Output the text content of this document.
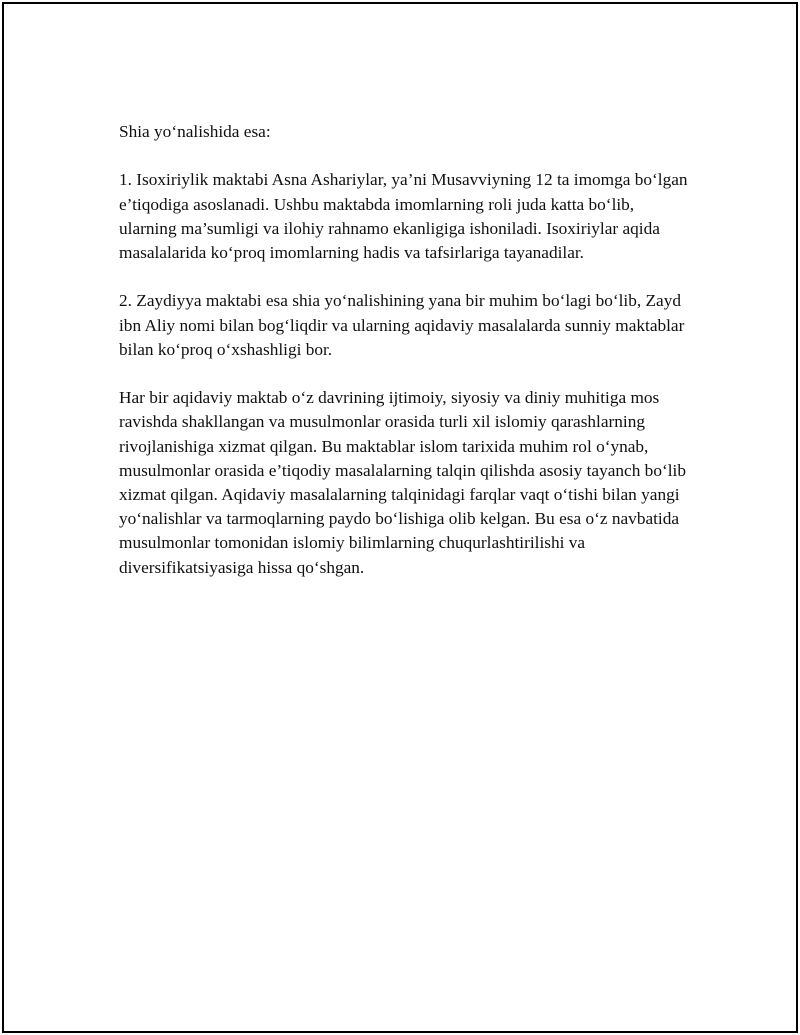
Shia yo‘nalishida esa:

1. Isoxiriylik maktabi Asna Ashariylar, ya’ni Musavviyning 12 ta imomga bo‘lgan e’tiqodiga asoslanadi. Ushbu maktabda imomlarning roli juda katta bo‘lib, ularning ma’sumligi va ilohiy rahnamo ekanligiga ishoniladi. Isoxiriylar aqida masalalarida ko‘proq imomlarning hadis va tafsirlariga tayanadilar.

2. Zaydiyya maktabi esa shia yo‘nalishining yana bir muhim bo‘lagi bo‘lib, Zayd ibn Aliy nomi bilan bog‘liqdir va ularning aqidaviy masalalarda sunniy maktablar bilan ko‘proq o‘xshashligi bor.

Har bir aqidaviy maktab o‘z davrining ijtimoiy, siyosiy va diniy muhitiga mos ravishda shakllangan va musulmonlar orasida turli xil islomiy qarashlarning rivojlanishiga xizmat qilgan. Bu maktablar islom tarixida muhim rol o‘ynab, musulmonlar orasida e’tiqodiy masalalarning talqin qilishda asosiy tayanch bo‘lib xizmat qilgan. Aqidaviy masalalarning talqinidagi farqlar vaqt o‘tishi bilan yangi yo‘nalishlar va tarmoqlarning paydo bo‘lishiga olib kelgan. Bu esa o‘z navbatida musulmonlar tomonidan islomiy bilimlarning chuqurlashtirilishi va diversifikatsiyasiga hissa qo‘shgan.
